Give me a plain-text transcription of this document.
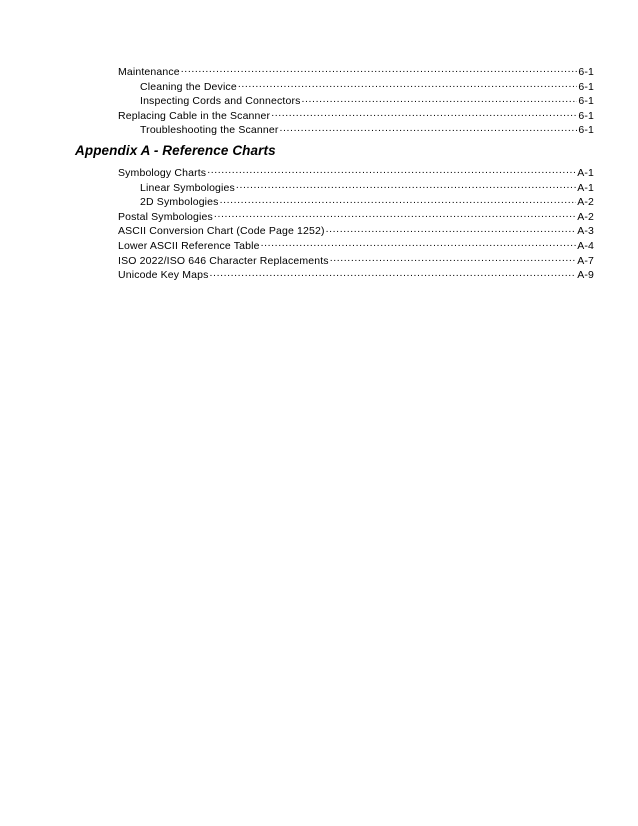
Maintenance .....	6-1
Cleaning the Device .....	6-1
Inspecting Cords and Connectors .....	6-1
Replacing Cable in the Scanner .....	6-1
Troubleshooting the Scanner .....	6-1
Appendix A - Reference Charts
Symbology Charts .....	A-1
Linear Symbologies .....	A-1
2D Symbologies .....	A-2
Postal Symbologies .....	A-2
ASCII Conversion Chart (Code Page 1252) .....	A-3
Lower ASCII Reference Table .....	A-4
ISO 2022/ISO 646 Character Replacements .....	A-7
Unicode Key Maps .....	A-9
